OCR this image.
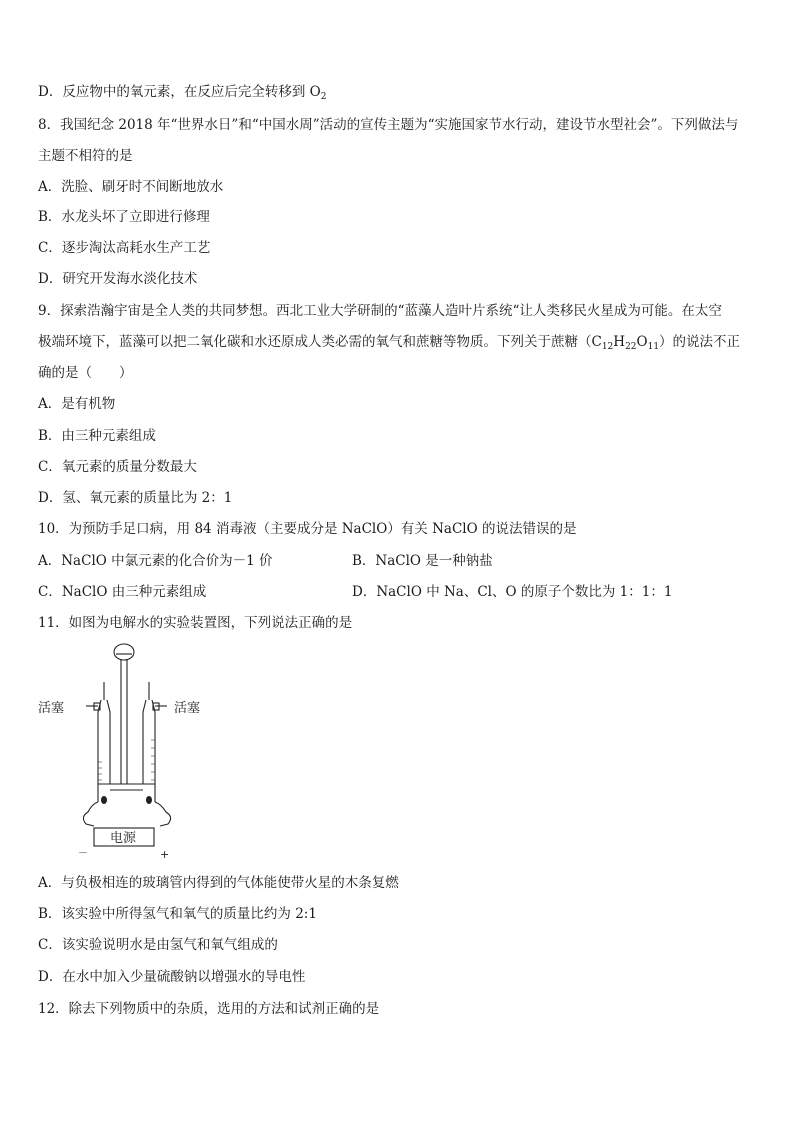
D．反应物中的氧元素，在反应后完全转移到 $O_2$
8．我国纪念 2018 年“世界水日”和“中国水周”活动的宣传主题为“实施国家节水行动，建设节水型社会”。下列做法与
主题不相符的是
A．洗脸、刷牙时不间断地放水
B．水龙头坏了立即进行修理
C．逐步淘汰高耗水生产工艺
D．研究开发海水淡化技术
9．探索浩瀚宇宙是全人类的共同梦想。西北工业大学研制的“蓝藻人造叶片系统“让人类移民火星成为可能。在太空
极端环境下，蓝藻可以把二氧化碳和水还原成人类必需的氧气和蔗糖等物质。下列关于蔗糖$(C_{12}H_{22}O_{11})$的说法不正
确的是（　　）
A．是有机物
B．由三种元素组成
C．氧元素的质量分数最大
D．氢、氧元素的质量比为 2：1
10．为预防手足口病，用 84 消毒液（主要成分是 NaClO）有关 NaClO 的说法错误的是
A．NaClO 中氯元素的化合价为－1 价	B．NaClO 是一种钠盐
C．NaClO 由三种元素组成	D．NaClO 中 Na、Cl、O 的原子个数比为 1：1：1
11．如图为电解水的实验装置图，下列说法正确的是
活塞	活塞
电源
－	+
A．与负极相连的玻璃管内得到的气体能使带火星的木条复燃
B．该实验中所得氢气和氧气的质量比约为 2:1
C．该实验说明水是由氢气和氧气组成的
D．在水中加入少量硫酸钠以增强水的导电性
12．除去下列物质中的杂质，选用的方法和试剂正确的是
